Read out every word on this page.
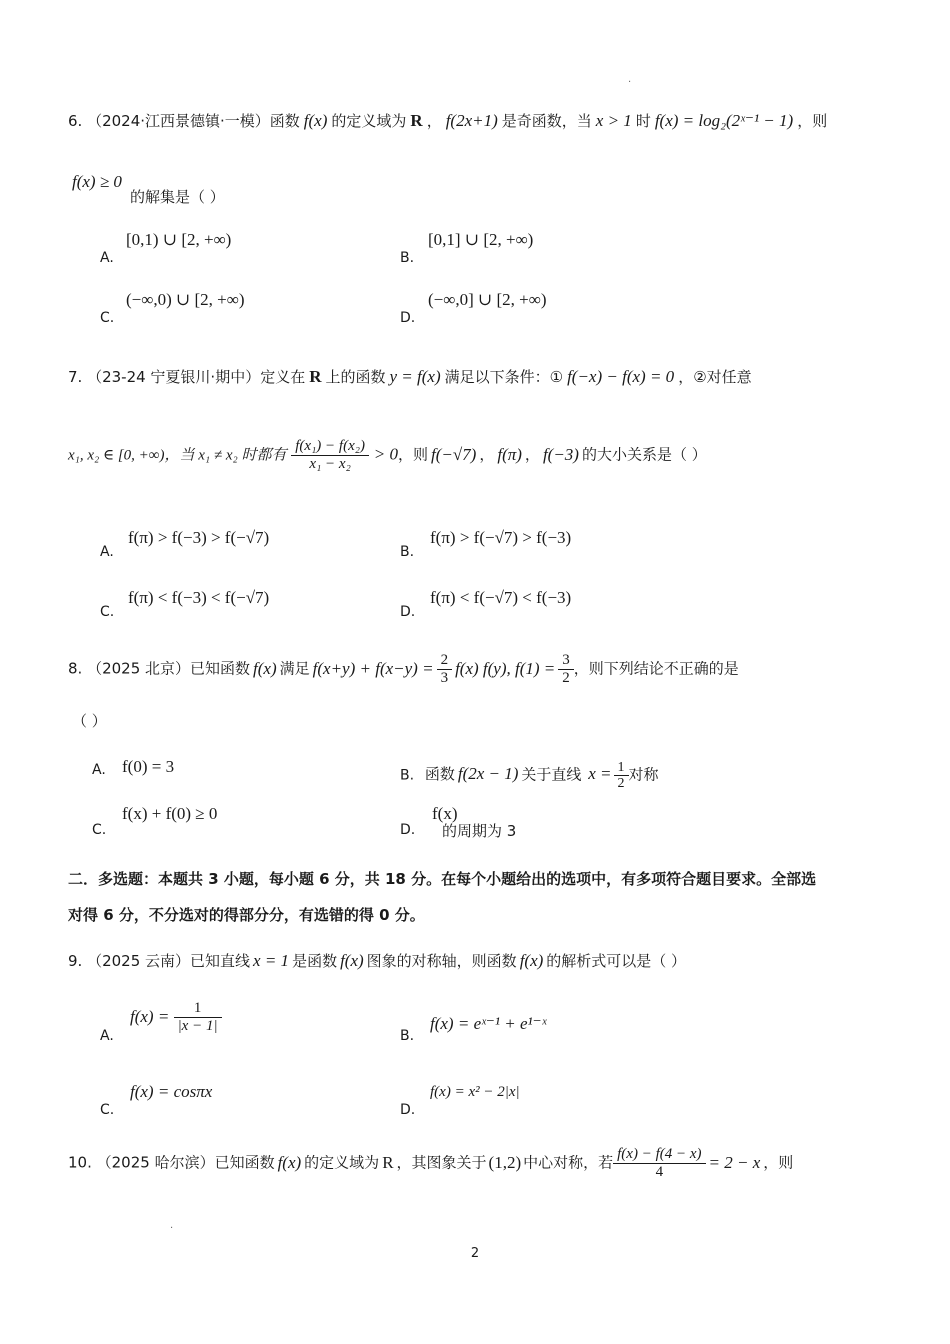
.
6. （2024·江西景德镇·一模）函数 f(x) 的定义域为 R ， f(2x+1) 是奇函数，当 x > 1 时 f(x) = log₂(2ˣ⁻¹ − 1) ，则
f(x) ≥ 0
的解集是（ ）
A.
[0,1) ∪ [2, +∞)
B.
[0,1] ∪ [2, +∞)
C.
(−∞,0) ∪ [2, +∞)
D.
(−∞,0] ∪ [2, +∞)
7. （23-24 宁夏银川·期中）定义在 R 上的函数 y = f(x) 满足以下条件：① f(−x) − f(x) = 0 ，②对任意
x₁, x₂ ∈ [0, +∞)，当 x₁ ≠ x₂ 时都有 $\frac{\text{f(x₁) − f(x₂)}}{\text{x₁ − x₂}} > 0$，则 f(−√7) ， f(π) ， f(−3) 的大小关系是（ ）
A.
f(π) > f(−3) > f(−√7)
B.
f(π) > f(−√7) > f(−3)
C.
f(π) < f(−3) < f(−√7)
D.
f(π) < f(−√7) < f(−3)
8. （2025 北京）已知函数 f(x) 满足 $f(x+y) + f(x-y) = \frac{2}{3} f(x)$ f(y), $f(1) = \frac{3}{2}$ ，则下列结论不正确的是
（ ）
A. f(0) = 3	B. 函数 f(2x − 1) 关于直线 $x = \frac{1}{2}$ 对称
C.
f(x) + f(0) ≥ 0
D.
f(x)
的周期为 3
二．多选题：本题共 3 小题，每小题 6 分，共 18 分。在每个小题给出的选项中，有多项符合题目要求。全部选
对得 6 分，不分选对的得部分分，有选错的得 0 分。
9. （2025 云南）已知直线 x = 1 是函数 f(x) 图象的对称轴，则函数 f(x) 的解析式可以是（ ）
A.
$f(x) = \frac{1}{|x - 1|}$
B.
f(x) = eˣ⁻¹ + e¹⁻ˣ
C.
f(x) = cosπx
D.
f(x) = x² − 2|x|
10. （2025 哈尔滨）已知函数 f(x) 的定义域为 R ，其图象关于 (1,2) 中心对称，若 $\frac{f(x) - f(4 - x)}{4} = 2 - x$ ，则
.
2
